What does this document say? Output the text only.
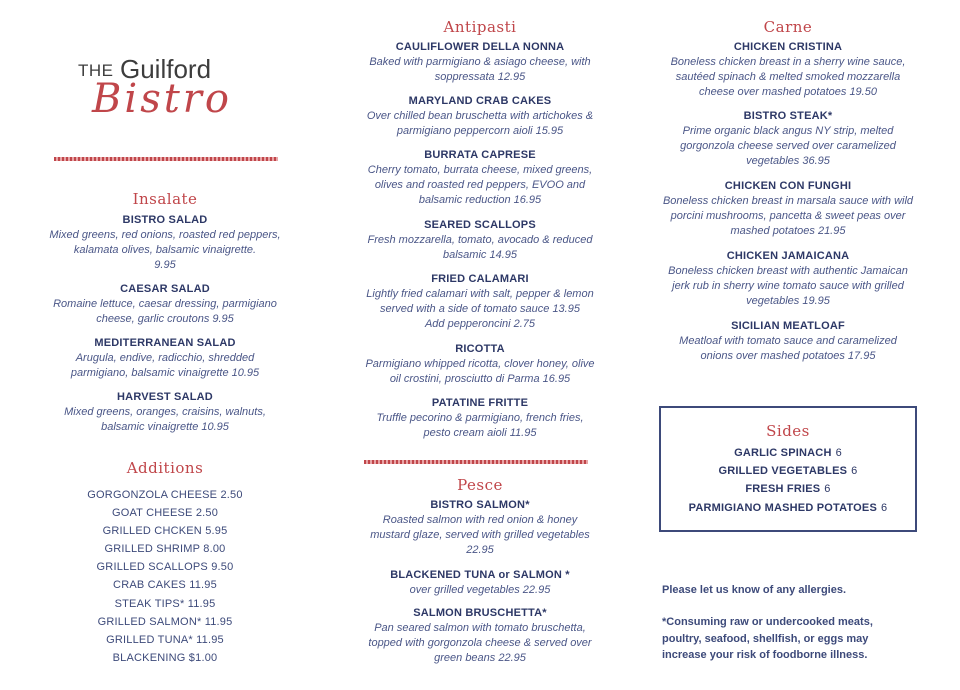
THE Guilford
Bistro
Insalate
BISTRO SALAD
Mixed greens, red onions, roasted red peppers,
kalamata olives, balsamic vinaigrette.
9.95
CAESAR SALAD
Romaine lettuce, caesar dressing, parmigiano
cheese, garlic croutons 9.95
MEDITERRANEAN SALAD
Arugula, endive, radicchio, shredded
parmigiano, balsamic vinaigrette 10.95
HARVEST SALAD
Mixed greens, oranges, craisins, walnuts,
balsamic vinaigrette 10.95
Additions
GORGONZOLA CHEESE 2.50
GOAT CHEESE 2.50
GRILLED CHCKEN 5.95
GRILLED SHRIMP 8.00
GRILLED SCALLOPS 9.50
CRAB CAKES 11.95
STEAK TIPS* 11.95
GRILLED SALMON* 11.95
GRILLED TUNA* 11.95
BLACKENING $1.00
Antipasti
CAULIFLOWER DELLA NONNA
Baked with parmigiano & asiago cheese, with
soppressata 12.95
MARYLAND CRAB CAKES
Over chilled bean bruschetta with artichokes &
parmigiano peppercorn aioli 15.95
BURRATA CAPRESE
Cherry tomato, burrata cheese, mixed greens,
olives and roasted red peppers, EVOO and
balsamic reduction 16.95
SEARED SCALLOPS
Fresh mozzarella, tomato, avocado & reduced
balsamic 14.95
FRIED CALAMARI
Lightly fried calamari with salt, pepper & lemon
served with a side of tomato sauce 13.95
Add pepperoncini 2.75
RICOTTA
Parmigiano whipped ricotta, clover honey, olive
oil crostini, prosciutto di Parma 16.95
PATATINE FRITTE
Truffle pecorino & parmigiano, french fries,
pesto cream aioli 11.95
Pesce
BISTRO SALMON*
Roasted salmon with red onion & honey
mustard glaze, served with grilled vegetables
22.95
BLACKENED TUNA or SALMON *
over grilled vegetables 22.95
SALMON BRUSCHETTA*
Pan seared salmon with tomato bruschetta,
topped with gorgonzola cheese & served over
green beans 22.95
Carne
CHICKEN CRISTINA
Boneless chicken breast in a sherry wine sauce,
sautéed spinach & melted smoked mozzarella
cheese over mashed potatoes 19.50
BISTRO STEAK*
Prime organic black angus NY strip, melted
gorgonzola cheese served over caramelized
vegetables 36.95
CHICKEN CON FUNGHI
Boneless chicken breast in marsala sauce with wild
porcini mushrooms, pancetta & sweet peas over
mashed potatoes 21.95
CHICKEN JAMAICANA
Boneless chicken breast with authentic Jamaican
jerk rub in sherry wine tomato sauce with grilled
vegetables 19.95
SICILIAN MEATLOAF
Meatloaf with tomato sauce and caramelized
onions over mashed potatoes 17.95
Sides
GARLIC SPINACH 6
GRILLED VEGETABLES 6
FRESH FRIES 6
PARMIGIANO MASHED POTATOES 6
Please let us know of any allergies.
*Consuming raw or undercooked meats,
poultry, seafood, shellfish, or eggs may
increase your risk of foodborne illness.
